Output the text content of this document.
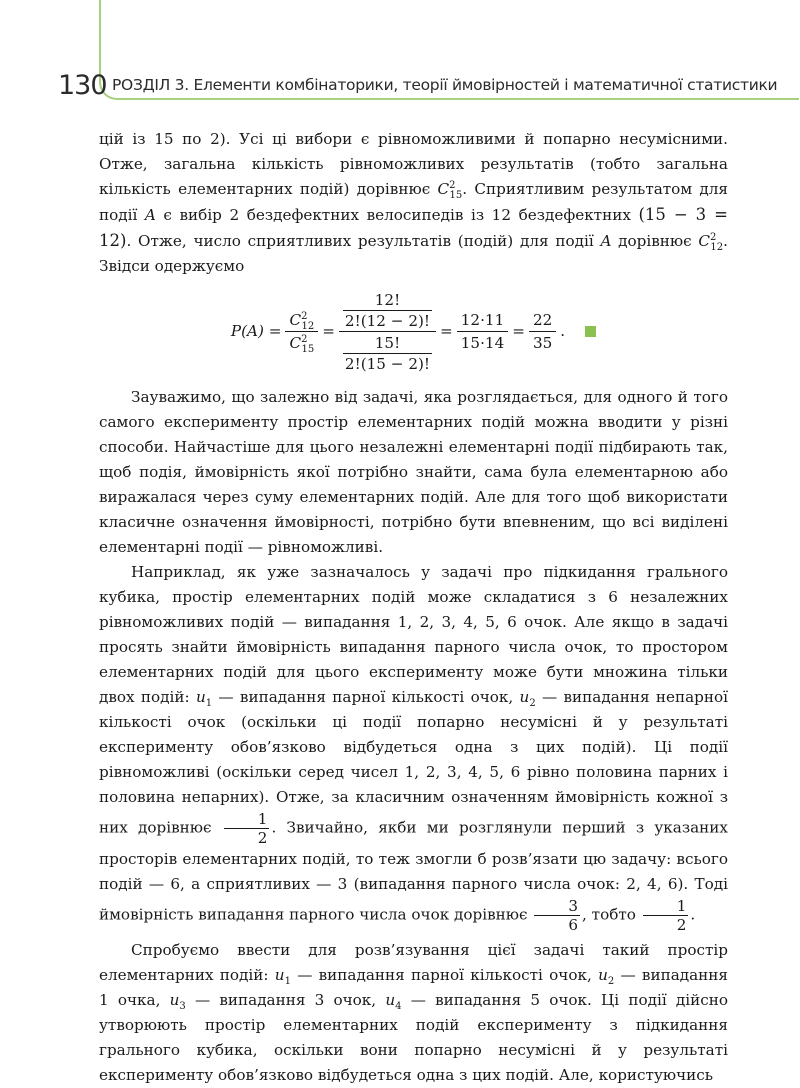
130 РОЗДІЛ 3. Елементи комбінаторики, теорії ймовірностей і математичної статистики

цій із 15 по 2). Усі ці вибори є рівноможливими й попарно несумісними. Отже, загальна кількість рівноможливих результатів (тобто загальна кількість елементарних подій) дорівнює $C^2_{15}$. Сприятливим результатом для події A є вибір 2 бездефектних велосипедів із 12 бездефектних (15 − 3 = 12). Отже, число сприятливих результатів (подій) для події A дорівнює $C^2_{12}$. Звідси одержуємо

$P(A) = \frac{C^2_{12}}{C^2_{15}} = \frac{\frac{12!}{2!(12 - 2)!}}{\frac{15!}{2!(15 - 2)!}} = \frac{12\cdot 11}{15\cdot 14} = \frac{22}{35}$ .

Зауважимо, що залежно від задачі, яка розглядається, для одного й того самого експерименту простір елементарних подій можна вводити у різні способи. Найчастіше для цього незалежні елементарні події підбирають так, щоб подія, ймовірність якої потрібно знайти, сама була елементарною або виражалася через суму елементарних подій. Але для того щоб використати класичне означення ймовірності, потрібно бути впевненим, що всі виділені елементарні події — рівноможливі.

Наприклад, як уже зазначалось у задачі про підкидання грального кубика, простір елементарних подій може складатися з 6 незалежних рівноможливих подій — випадання 1, 2, 3, 4, 5, 6 очок. Але якщо в задачі просять знайти ймовірність випадання парного числа очок, то простором елементарних подій для цього експерименту може бути множина тільки двох подій: $u_1$ — випадання парної кількості очок, $u_2$ — випадання непарної кількості очок (оскільки ці події попарно несумісні й у результаті експерименту обов’язково відбудеться одна з цих подій). Ці події рівноможливі (оскільки серед чисел 1, 2, 3, 4, 5, 6 рівно половина парних і половина непарних). Отже, за класичним означенням ймовірність кожної з них дорівнює $\frac{1}{2}$ . Звичайно, якби ми розглянули перший з указаних просторів елементарних подій, то теж змогли б розв’язати цю задачу: всього подій — 6, а сприятливих — 3 (випадання парного числа очок: 2, 4, 6). Тоді ймовірність випадання парного числа очок дорівнює $\frac{3}{6}$ , тобто $\frac{1}{2}$ .

Спробуємо ввести для розв’язування цієї задачі такий простір елементарних подій: $u_1$ — випадання парної кількості очок, $u_2$ — випадання 1 очка, $u_3$ — випадання 3 очок, $u_4$ — випадання 5 очок. Ці події дійсно утворюють простір елементарних подій експерименту з підкидання грального кубика, оскільки вони попарно несумісні й у результаті експерименту обов’язково відбудеться одна з цих подій. Але, користуючись
